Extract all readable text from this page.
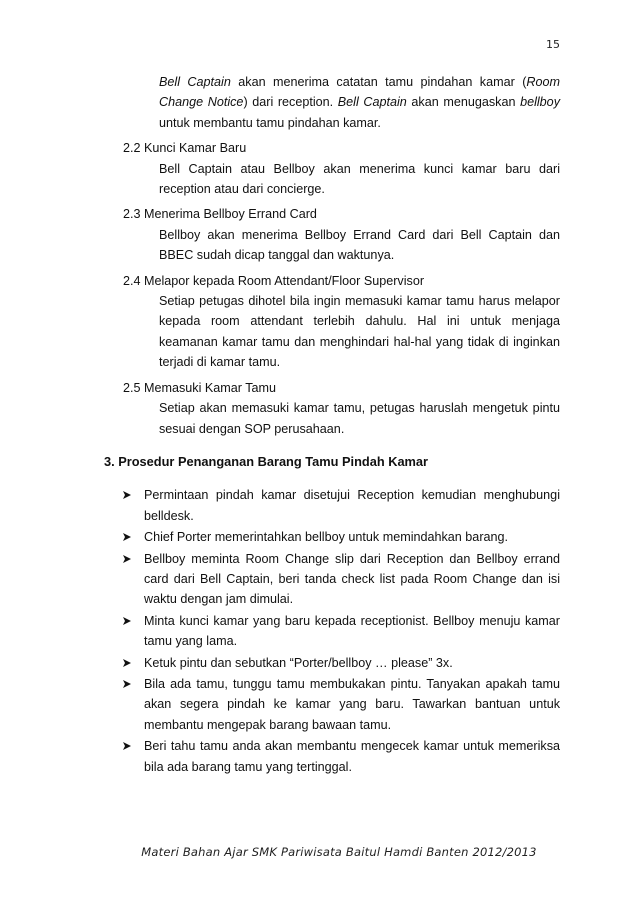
15

Bell Captain akan menerima catatan tamu pindahan kamar (Room Change Notice) dari reception. Bell Captain akan menugaskan bellboy untuk membantu tamu pindahan kamar.

2.2 Kunci Kamar Baru

Bell Captain atau Bellboy akan menerima kunci kamar baru dari reception atau dari concierge.

2.3 Menerima Bellboy Errand Card

Bellboy akan menerima Bellboy Errand Card dari Bell Captain dan BBEC sudah dicap tanggal dan waktunya.

2.4 Melapor kepada Room Attendant/Floor Supervisor

Setiap petugas dihotel bila ingin memasuki kamar tamu harus melapor kepada room attendant terlebih dahulu. Hal ini untuk menjaga keamanan kamar tamu dan menghindari hal-hal yang tidak di inginkan terjadi di kamar tamu.

2.5 Memasuki Kamar Tamu

Setiap akan memasuki kamar tamu, petugas haruslah mengetuk pintu sesuai dengan SOP perusahaan.

3. Prosedur Penanganan Barang Tamu Pindah Kamar
Permintaan pindah kamar disetujui Reception kemudian menghubungi belldesk.
Chief Porter memerintahkan bellboy untuk memindahkan barang.
Bellboy meminta Room Change slip dari Reception dan Bellboy errand card dari Bell Captain, beri tanda check list pada Room Change dan isi waktu dengan jam dimulai.
Minta kunci kamar yang baru kepada receptionist. Bellboy menuju kamar tamu yang lama.
Ketuk pintu dan sebutkan “Porter/bellboy … please” 3x.
Bila ada tamu, tunggu tamu membukakan pintu. Tanyakan apakah tamu akan segera pindah ke kamar yang baru. Tawarkan bantuan untuk membantu mengepak barang bawaan tamu.
Beri tahu tamu anda akan membantu mengecek kamar untuk memeriksa bila ada barang tamu yang tertinggal.
Materi Bahan Ajar SMK Pariwisata Baitul Hamdi Banten 2012/2013
